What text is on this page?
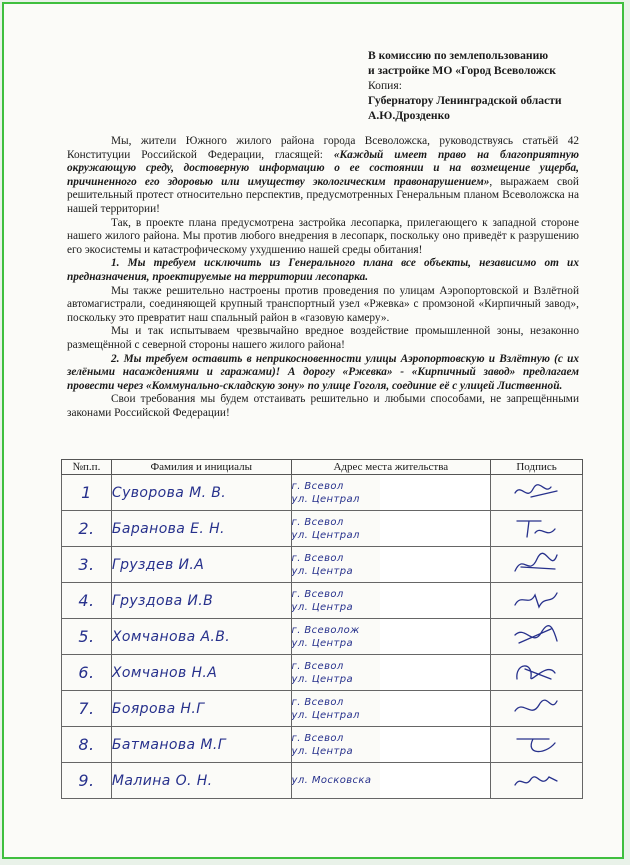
В комиссию по землепользованию
и застройке МО «Город Всеволожск
Копия:
Губернатору Ленинградской области
А.Ю.Дрозденко

Мы, жители Южного жилого района города Всеволожска, руководствуясь статьёй 42 Конституции Российской Федерации, гласящей: «Каждый имеет право на благоприятную окружающую среду, достоверную информацию о ее состоянии и на возмещение ущерба, причиненного его здоровью или имуществу экологическим правонарушением», выражаем свой решительный протест относительно перспектив, предусмотренных Генеральным планом Всеволожска на нашей территории!

Так, в проекте плана предусмотрена застройка лесопарка, прилегающего к западной стороне нашего жилого района. Мы против любого внедрения в лесопарк, поскольку оно приведёт к разрушению его экосистемы и катастрофическому ухудшению нашей среды обитания!

1. Мы требуем исключить из Генерального плана все объекты, независимо от их предназначения, проектируемые на территории лесопарка.

Мы также решительно настроены против проведения по улицам Аэропортовской и Взлётной автомагистрали, соединяющей крупный транспортный узел «Ржевка» с промзоной «Кирпичный завод», поскольку это превратит наш спальный район в «газовую камеру».

Мы и так испытываем чрезвычайно вредное воздействие промышленной зоны, незаконно размещённой с северной стороны нашего жилого района!

2. Мы требуем оставить в неприкосновенности улицы Аэропортовскую и Взлётную (с их зелёными насаждениями и гаражами)! А дорогу «Ржевка» - «Кирпичный завод» предлагаем провести через «Коммунально-складскую зону» по улице Гоголя, соединие её с улицей Лиственной.

Свои требования мы будем отстаивать решительно и любыми способами, не запрещёнными законами Российской Федерации!

№п.п.	Фамилия и инициалы	Адрес места жительства	Подпись
1	Суворова М. В.	г. Всевол
ул. Централ

2.	Баранова Е. Н.	г. Всевол
ул. Централ

3.	Груздев И.А	г. Всевол
ул. Центра

4.	Груздова И.В	г. Всевол
ул. Центра

5.	Хомчанова А.В.	г. Всеволож
ул. Центра

6.	Хомчанов Н.А	г. Всевол
ул. Центра

7.	Боярова Н.Г	г. Всевол
ул. Централ

8.	Батманова М.Г	г. Всевол
ул. Центра

9.	Малина О. Н.	ул. Московска
